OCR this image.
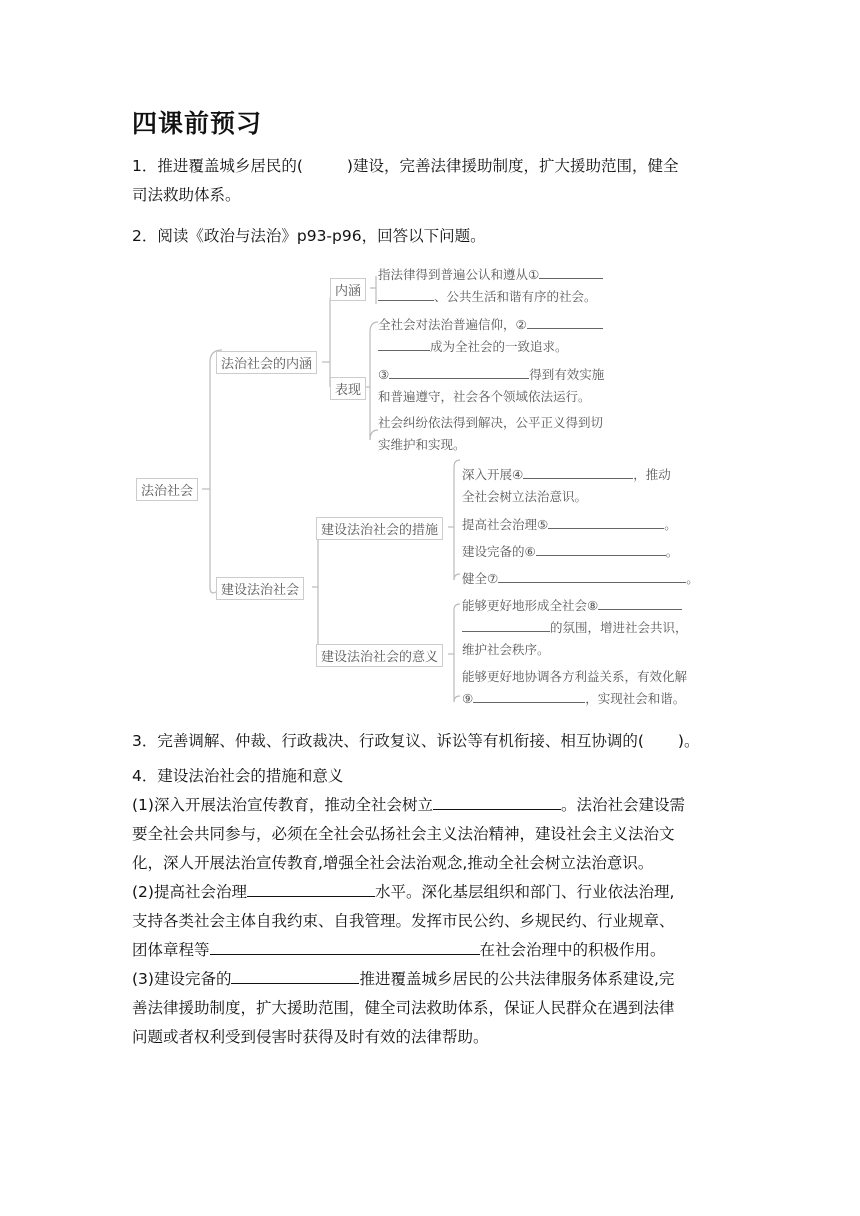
四课前预习
1．推进覆盖城乡居民的(	)建设，完善法律援助制度，扩大援助范围，健全
司法救助体系。
2．阅读《政治与法治》p93-p96，回答以下问题。
法治社会
法治社会的内涵
内涵
表现
指法律得到普遍公认和遵从①
、公共生活和谐有序的社会。
全社会对法治普遍信仰，②
成为全社会的一致追求。
③	得到有效实施
和普遍遵守，社会各个领域依法运行。
社会纠纷依法得到解决，公平正义得到切
实维护和实现。
建设法治社会
建设法治社会的措施
建设法治社会的意义
深入开展④	，推动
全社会树立法治意识。
提高社会治理⑤	。
建设完备的⑥	。
健全⑦	。
能够更好地形成全社会⑧
的氛围，增进社会共识，
维护社会秩序。
能够更好地协调各方利益关系，有效化解
⑨	，实现社会和谐。
3．完善调解、仲裁、行政裁决、行政复议、诉讼等有机衔接、相互协调的( )。
4．建设法治社会的措施和意义
(1)深入开展法治宣传教育，推动全社会树立	。法治社会建设需
要全社会共同参与，必须在全社会弘扬社会主义法治精神，建设社会主义法治文
化，深人开展法治宣传教育,增强全社会法治观念,推动全社会树立法治意识。
(2)提高社会治理	水平。深化基层组织和部门、行业依法治理,
支持各类社会主体自我约束、自我管理。发挥市民公约、乡规民约、行业规章、
团体章程等	在社会治理中的积极作用。
(3)建设完备的	推进覆盖城乡居民的公共法律服务体系建设,完
善法律援助制度，扩大援助范围，健全司法救助体系，保证人民群众在遇到法律
问题或者权利受到侵害时获得及时有效的法律帮助。
